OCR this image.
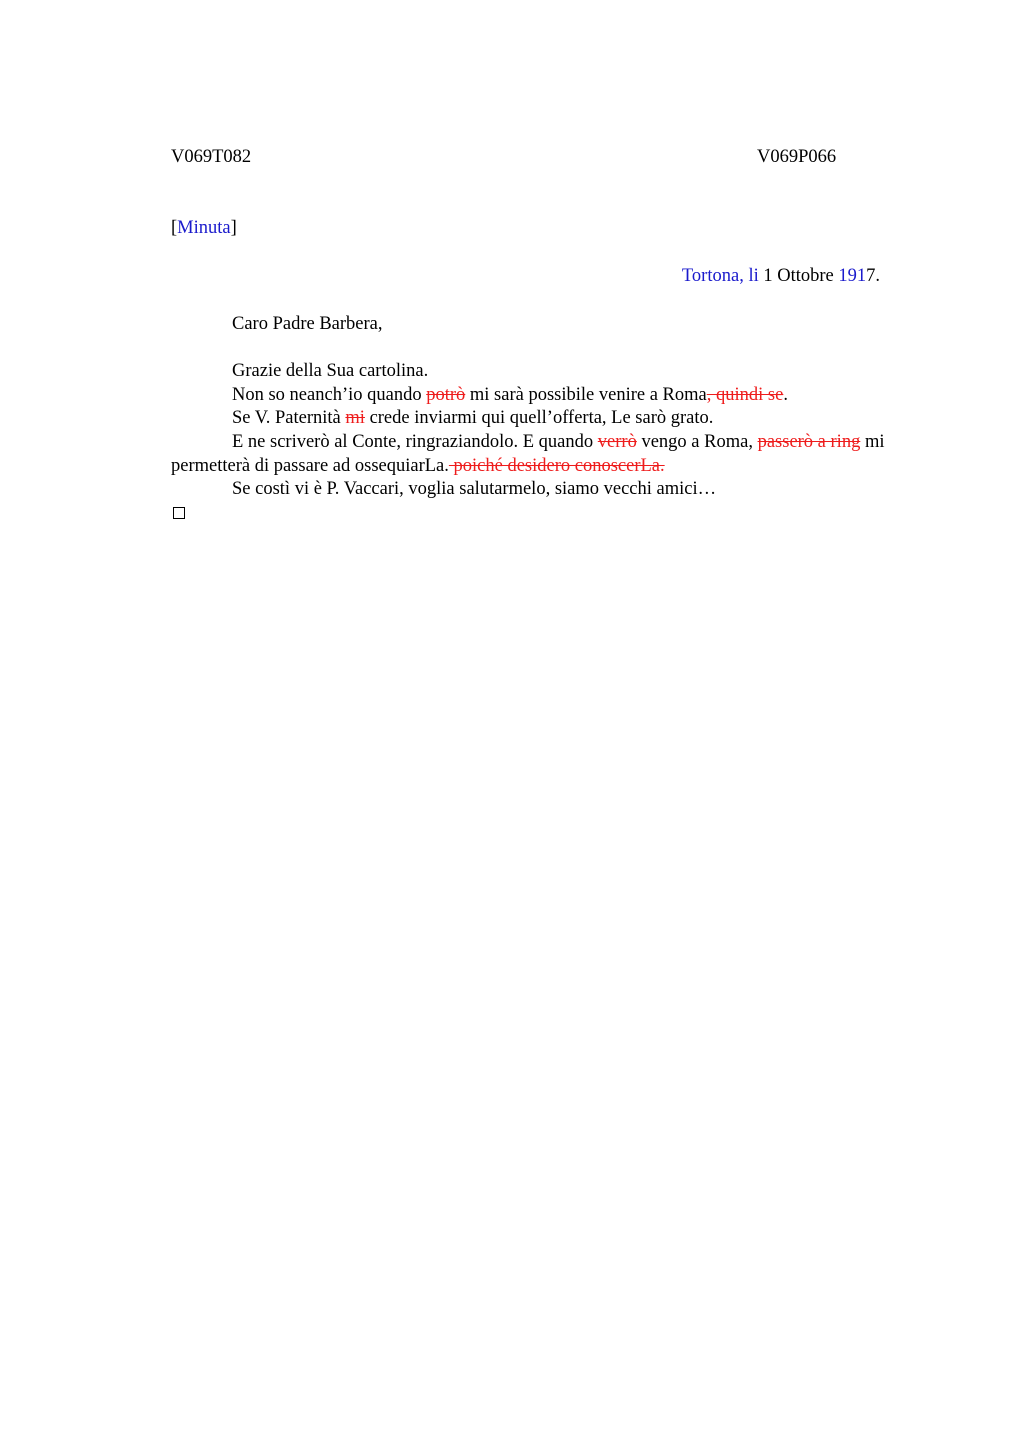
V069T082	V069P066
[Minuta]
Tortona, li 1 Ottobre 1917.

Caro Padre Barbera,

Grazie della Sua cartolina.

Non so neanch’io quando potrò mi sarà possibile venire a Roma, quindi se.

Se V. Paternità mi crede inviarmi qui quell’offerta, Le sarò grato.

E ne scriverò al Conte, ringraziandolo. E quando verrò vengo a Roma, passerò a ring mi permetterà di passare ad ossequiarLa. poiché desidero conoscerLa.

Se costì vi è P. Vaccari, voglia salutarmelo, siamo vecchi amici…
